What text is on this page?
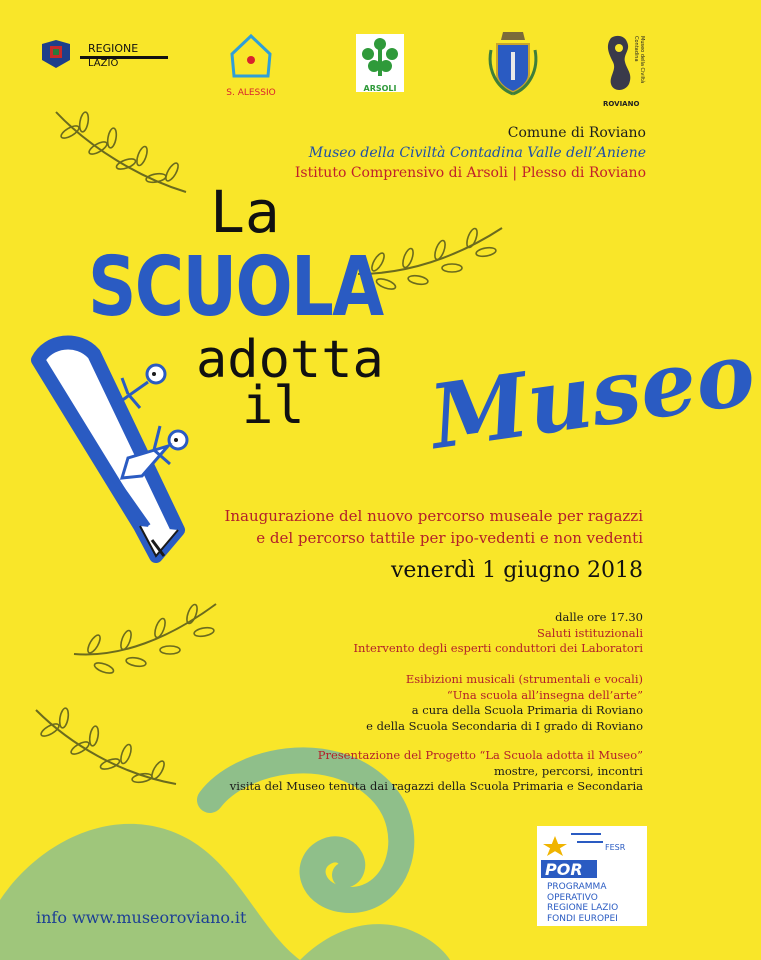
REGIONE
LAZIO
S. ALESSIO	ARSOLI
ROVIANO
Museo della Civiltà Contadina
Comune di Roviano
Museo della Civiltà Contadina Valle dell’Aniene
Istituto Comprensivo di Arsoli | Plesso di Roviano
La
SCUOLA
adotta
il Museo
Inaugurazione del nuovo percorso museale per ragazzi
e del percorso tattile per ipo-vedenti e non vedenti
venerdì 1 giugno 2018
dalle ore 17.30
Saluti istituzionali
Intervento degli esperti conduttori dei Laboratori
Esibizioni musicali (strumentali e vocali)
“Una scuola all’insegna dell’arte”
a cura della Scuola Primaria di Roviano
e della Scuola Secondaria di I grado di Roviano
Presentazione del Progetto “La Scuola adotta il Museo”
mostre, percorsi, incontri
visita del Museo tenuta dai ragazzi della Scuola Primaria e Secondaria
info www.museoroviano.it
FESR
POR
PROGRAMMA
OPERATIVO
REGIONE LAZIO
FONDI EUROPEI
